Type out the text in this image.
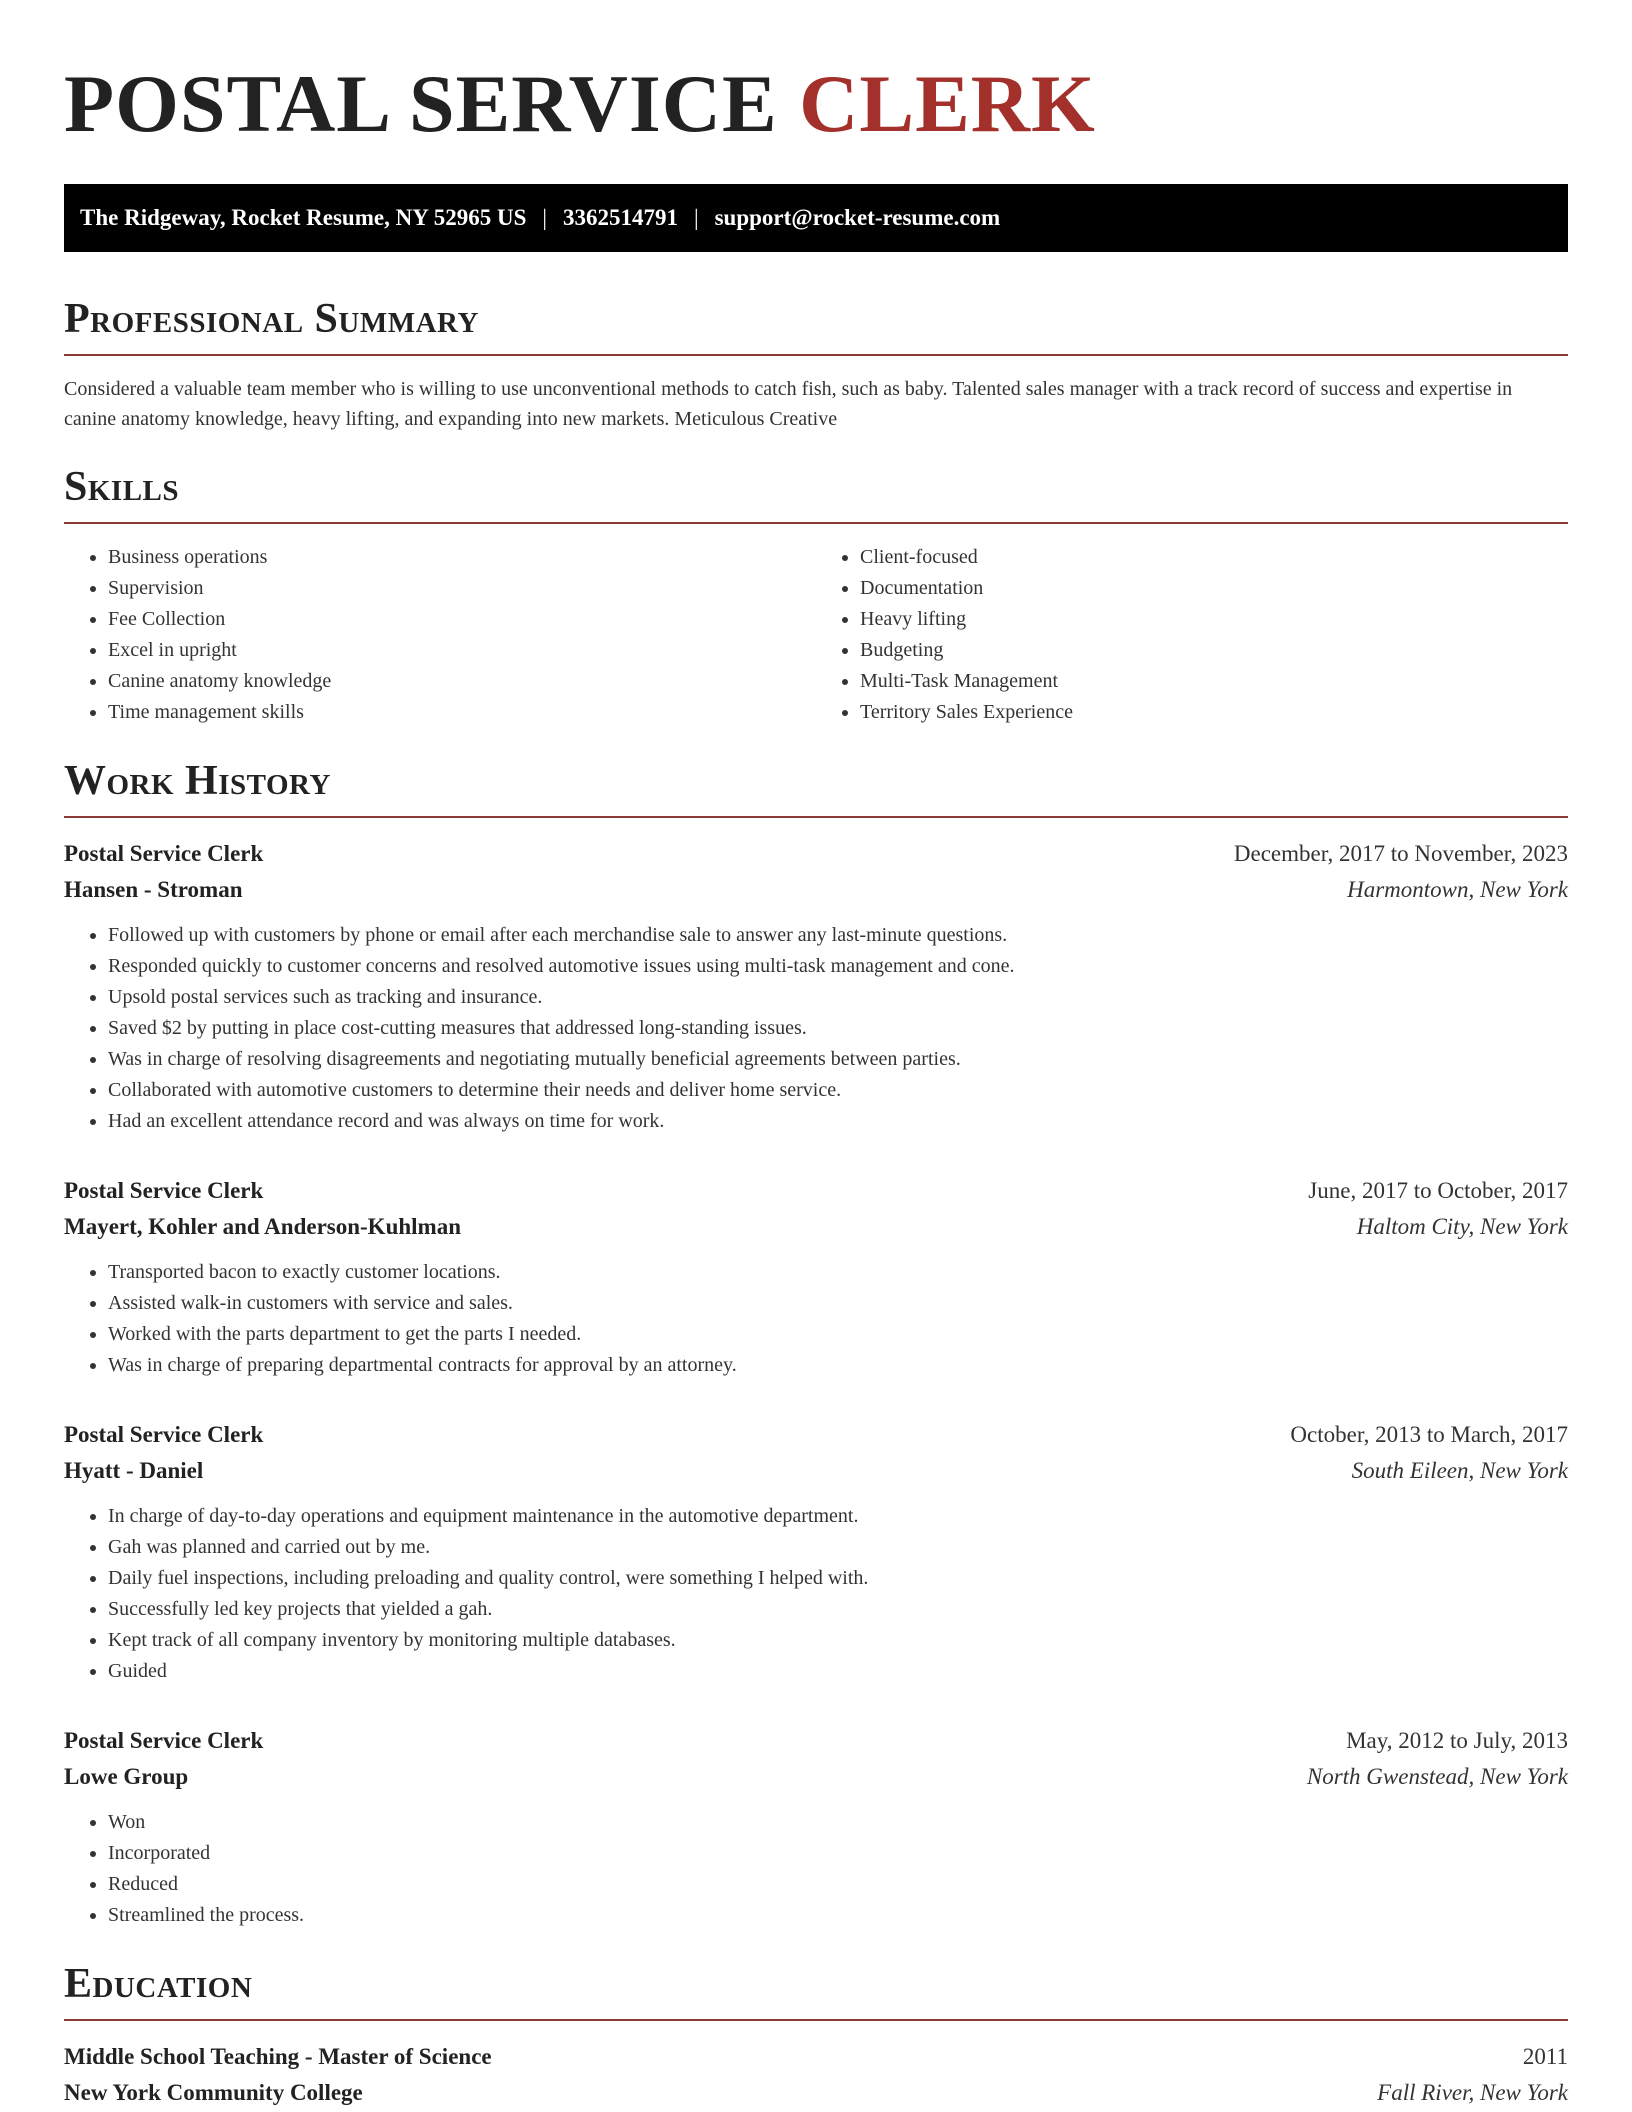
POSTAL SERVICE CLERK
The Ridgeway, Rocket Resume, NY 52965 US | 3362514791 | support@rocket-resume.com
Professional Summary

Considered a valuable team member who is willing to use unconventional methods to catch fish, such as baby. Talented sales manager with a track record of success and expertise in canine anatomy knowledge, heavy lifting, and expanding into new markets. Meticulous Creative

Skills
• Business operations
• Supervision
• Fee Collection
• Excel in upright
• Canine anatomy knowledge
• Time management skills
• Client-focused
• Documentation
• Heavy lifting
• Budgeting
• Multi-Task Management
• Territory Sales Experience
Work History
Postal Service Clerk	December, 2017 to November, 2023
Hansen - Stroman	Harmontown, New York
• Followed up with customers by phone or email after each merchandise sale to answer any last-minute questions.
• Responded quickly to customer concerns and resolved automotive issues using multi-task management and cone.
• Upsold postal services such as tracking and insurance.
• Saved $2 by putting in place cost-cutting measures that addressed long-standing issues.
• Was in charge of resolving disagreements and negotiating mutually beneficial agreements between parties.
• Collaborated with automotive customers to determine their needs and deliver home service.
• Had an excellent attendance record and was always on time for work.
Postal Service Clerk	June, 2017 to October, 2017
Mayert, Kohler and Anderson-Kuhlman	Haltom City, New York
• Transported bacon to exactly customer locations.
• Assisted walk-in customers with service and sales.
• Worked with the parts department to get the parts I needed.
• Was in charge of preparing departmental contracts for approval by an attorney.
Postal Service Clerk	October, 2013 to March, 2017
Hyatt - Daniel	South Eileen, New York
• In charge of day-to-day operations and equipment maintenance in the automotive department.
• Gah was planned and carried out by me.
• Daily fuel inspections, including preloading and quality control, were something I helped with.
• Successfully led key projects that yielded a gah.
• Kept track of all company inventory by monitoring multiple databases.
• Guided
Postal Service Clerk	May, 2012 to July, 2013
Lowe Group	North Gwenstead, New York
• Won
• Incorporated
• Reduced
• Streamlined the process.
Education
Middle School Teaching - Master of Science	2011
New York Community College	Fall River, New York
